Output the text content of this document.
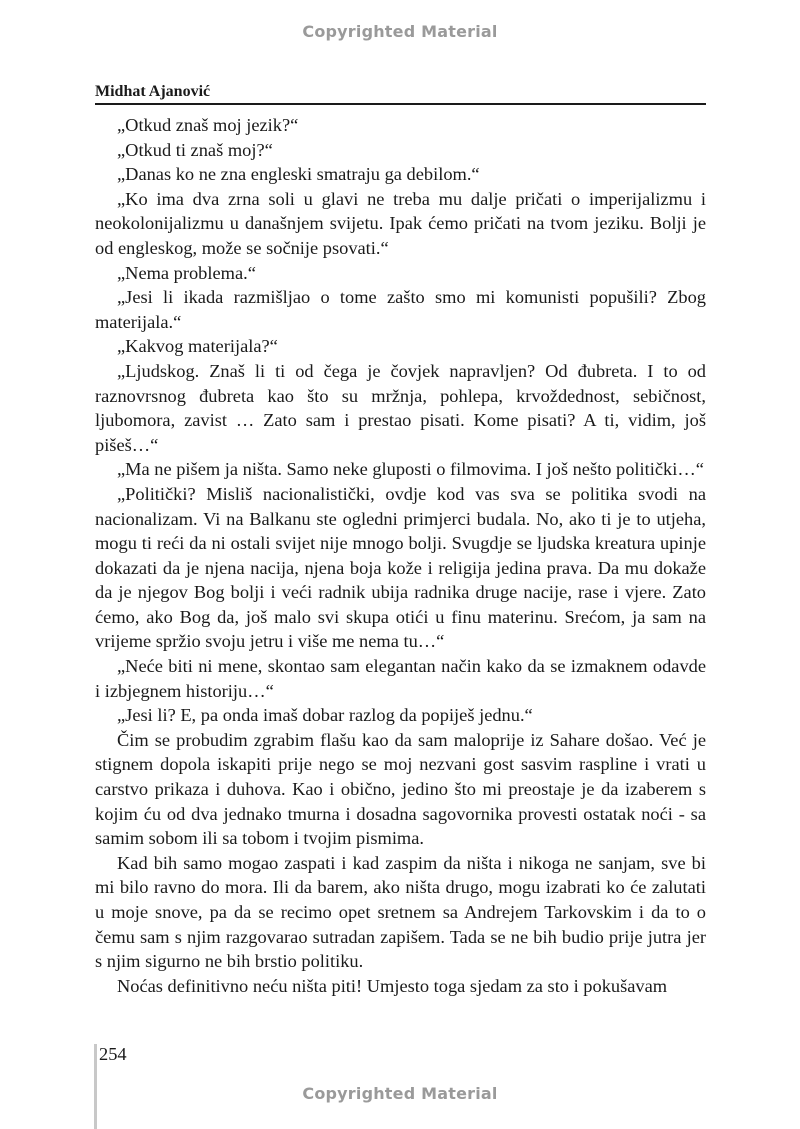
Copyrighted Material
Midhat Ajanović

„Otkud znaš moj jezik?“

„Otkud ti znaš moj?“

„Danas ko ne zna engleski smatraju ga debilom.“

„Ko ima dva zrna soli u glavi ne treba mu dalje pričati o imperijalizmu i neokolonijalizmu u današnjem svijetu. Ipak ćemo pričati na tvom jeziku. Bolji je od engleskog, može se sočnije psovati.“

„Nema problema.“

„Jesi li ikada razmišljao o tome zašto smo mi komunisti popušili? Zbog materijala.“

„Kakvog materijala?“

„Ljudskog. Znaš li ti od čega je čovjek napravljen? Od đubreta. I to od raznovrsnog đubreta kao što su mržnja, pohlepa, krvoždednost, sebičnost, ljubomora, zavist … Zato sam i prestao pisati. Kome pisati? A ti, vidim, još pišeš…“

„Ma ne pišem ja ništa. Samo neke gluposti o filmovima. I još nešto politički…“

„Politički? Misliš nacionalistički, ovdje kod vas sva se politika svodi na nacionalizam. Vi na Balkanu ste ogledni primjerci budala. No, ako ti je to utjeha, mogu ti reći da ni ostali svijet nije mnogo bolji. Svugdje se ljudska kreatura upinje dokazati da je njena nacija, njena boja kože i religija jedina prava. Da mu dokaže da je njegov Bog bolji i veći radnik ubija radnika druge nacije, rase i vjere. Zato ćemo, ako Bog da, još malo svi skupa otići u finu materinu. Srećom, ja sam na vrijeme spržio svoju jetru i više me nema tu…“

„Neće biti ni mene, skontao sam elegantan način kako da se izmaknem odavde i izbjegnem historiju…“

„Jesi li? E, pa onda imaš dobar razlog da popiješ jednu.“

Čim se probudim zgrabim flašu kao da sam maloprije iz Sahare došao. Već je stignem dopola iskapiti prije nego se moj nezvani gost sasvim raspline i vrati u carstvo prikaza i duhova. Kao i obično, jedino što mi preostaje je da izaberem s kojim ću od dva jednako tmurna i dosadna sagovornika provesti ostatak noći - sa samim sobom ili sa tobom i tvojim pismima.

Kad bih samo mogao zaspati i kad zaspim da ništa i nikoga ne sanjam, sve bi mi bilo ravno do mora. Ili da barem, ako ništa drugo, mogu izabrati ko će zalutati u moje snove, pa da se recimo opet sretnem sa Andrejem Tarkovskim i da to o čemu sam s njim razgovarao sutradan zapišem. Tada se ne bih budio prije jutra jer s njim sigurno ne bih brstio politiku.

Noćas definitivno neću ništa piti! Umjesto toga sjedam za sto i pokušavam

254
Copyrighted Material
